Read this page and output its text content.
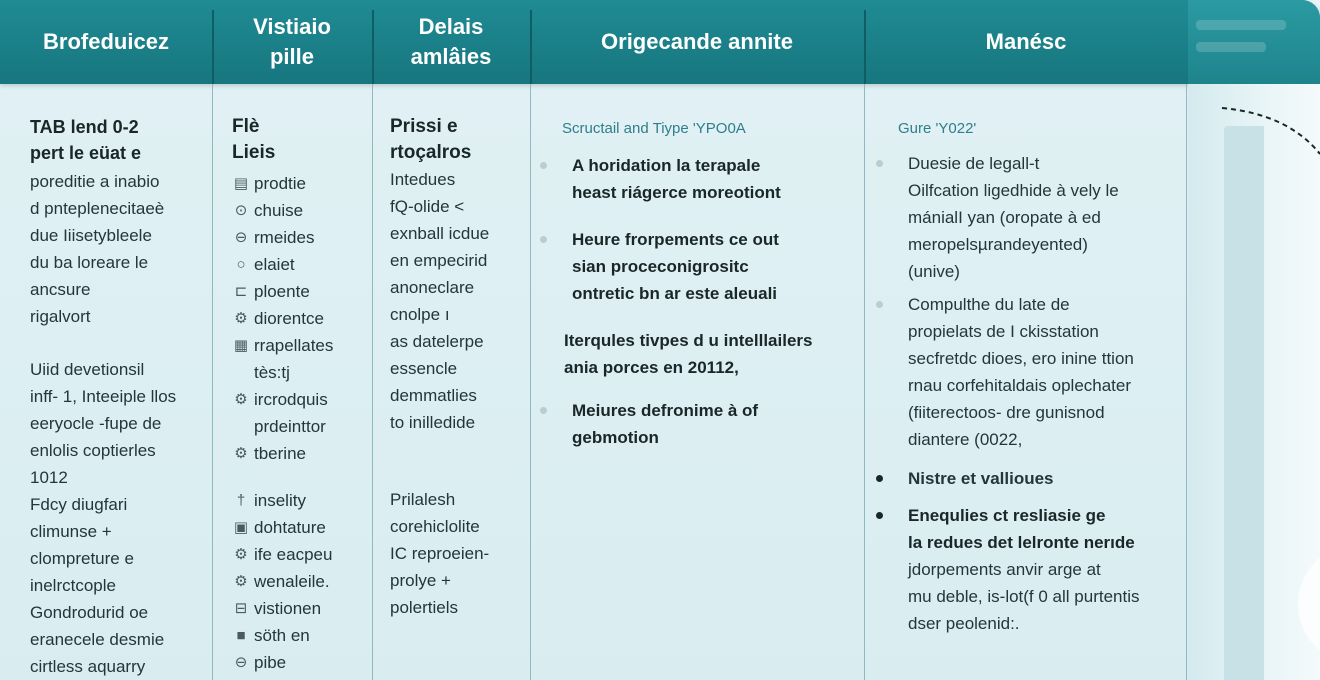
Brofeduicez
Vistiaio
pille
Delais
amlâies
Origecande annite	Manésc
TAB lend 0-2
pert le eüat e
poreditie a inabio
d pnteplenecitaeè
due Iiisetybleele
du ba loreare le
ancsure
rigalvort
Uiid devetionsil
inff- 1, Inteeiple llos
eeryocle -fupe de
enlolis coptierles
1012
Fdcy diugfari
climunse +
clompreture e
inelrctcople
Gondrodurid oe
eranecele desmie
cirtless aquarry
Flè
Lieis
▤ prodtie
⊙ chuise
⊖ rmeides
○ elaiet
⊏ ploente
⚙ diorentce
▦ rrapellates
tès:tj
⚙ ircrodquis
prdeinttor
⚙ tberine
† inselity
▣ dohtature
⚙ ife eacpeu
⚙ wenaleile.
⊟ vistionen
■ söth en
⊖ pibe
Prissi e
rtoçalros
Intedues
fQ-olide <
exnball icdue
en empecirid
anoneclare
cnolpe ı
as datelerpe
essencle
demmatlies
to inilledide
Prilalesh
corehiclolite
IC reproeien-
prolye +
polertiels
Scructail and Tiype 'YPO0A
A horidation la terapale
heast riágerce moreotiont
Heure frorpements ce out
sian proceconigrositc
ontretic bn ar este aleuali
Iterqules tivpes d u intelllailers
ania porces en 20112,
Meiures defronime à of
gebmotion
Gure 'Y022'
Duesie de legall-t
Oilfcation ligedhide à vely le
mánialI yan (oropate à ed
meropelsµrandeyented)
(unive)
Compulthe du late de
propielats de I ckisstation
secfretdc dioes, ero inine ttion
rnau corfehitaldais oplechater
(fiiterectoos- dre gunisnod
diantere (0022,
Nistre et vallioues
Enequlies ct resliasie ge
la redues det lelronte nerıde
jdorpements anvir arge at
mu deble, is-lot(f 0 all purtentis
dser peolenid:.
